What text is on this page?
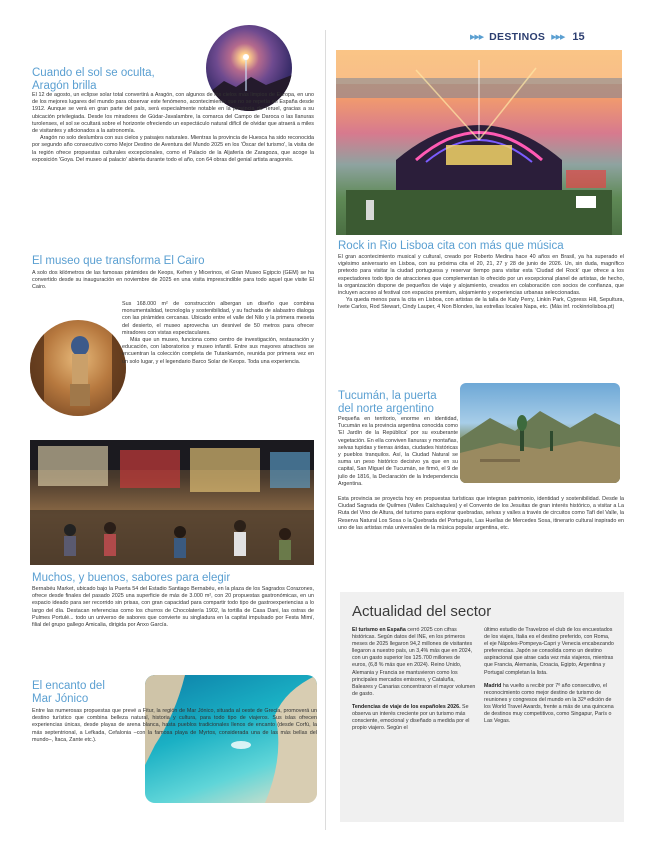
▶▶▶ DESTINOS ▶▶▶ 15
Cuando el sol se oculta,
Aragón brilla
El 12 de agosto, un eclipse solar total convertirá a Aragón, con algunos de los cielos más limpios de Europa, en uno de los mejores lugares del mundo para observar este fenómeno, acontecimiento que no se repetía en España desde 1912. Aunque se verá en gran parte del país, será especialmente notable en la provincia de Teruel, gracias a su ubicación privilegiada. Desde los miradores de Gúdar-Javalambre, la comarca del Campo de Daroca o las llanuras turolenses, el sol se ocultará sobre el horizonte ofreciendo un espectáculo natural difícil de olvidar que atraerá a miles de visitantes y aficionados a la astronomía.
Aragón no solo deslumbra con sus cielos y paisajes naturales. Mientras la provincia de Huesca ha sido reconocida por segundo año consecutivo como Mejor Destino de Aventura del Mundo 2025 en los 'Óscar del turismo', la visita de la región ofrece propuestas culturales excepcionales, como el Palacio de la Aljafería de Zaragoza, que acoge la exposición 'Goya. Del museo al palacio' abierta durante todo el año, con 64 obras del genial artista aragonés.
El museo que transforma El Cairo
A solo dos kilómetros de las famosas pirámides de Keops, Kefren y Micerinos, el Gran Museo Egipcio (GEM) se ha convertido desde su inauguración en noviembre de 2025 en una visita imprescindible para todo aquel que visite El Cairo.
Sus 168.000 m² de construcción albergan un diseño que combina monumentalidad, tecnología y sostenibilidad, y su fachada de alabastro dialoga con las pirámides cercanas. Ubicado entre el valle del Nilo y la primera meseta del desierto, el museo aprovecha un desnivel de 50 metros para ofrecer miradores con vistas espectaculares.
Más que un museo, funciona como centro de investigación, restauración y educación, con laboratorios y museo infantil. Entre sus mayores atractivos se encuentran la colección completa de Tutankamón, reunida por primera vez en un solo lugar, y el legendario Barco Solar de Keops. Toda una experiencia.
Muchos, y buenos, sabores para elegir
Bernabéu Market, ubicado bajo la Puerta 54 del Estadio Santiago Bernabéu, en la plaza de los Sagrados Corazones, ofrece desde finales del pasado 2025 una superficie de más de 3.000 m², con 20 propuestas gastronómicas, en un espacio ideado para ser recorrido sin prisas, con gran capacidad para compartir todo tipo de gastroexperiencias a lo largo del día. Destacan referencias como los churros de Chocolatería 1902, la tortilla de Casa Dani, las ostras de Pulmes Portulé... todo un universo de sabores que convierte su singladura en la capital impulsado por Festa Mimí, filial del grupo gallego Amicalia, dirigida por Anxo García.
El encanto del
Mar Jónico
Entre las numerosas propuestas que prevé a Fitur, la región de Mar Jónico, situada al oeste de Grecia, promoverá un destino turístico que combina belleza natural, historia y cultura, para todo tipo de viajeros. Sus islas ofrecen experiencias únicas, desde playas de arena blanca, hasta pueblos tradicionales llenos de encanto (desde Corfú, la más septentrional, a Lefkada, Cefalonia –con la famosa playa de Myrtos, considerada una de las más bellas del mundo–, Ítaca, Zante etc.).
Rock in Rio Lisboa cita con más que música
El gran acontecimiento musical y cultural, creado por Roberto Medina hace 40 años en Brasil, ya ha superado el vigésimo aniversario en Lisboa, con su próxima cita el 20, 21, 27 y 28 de junio de 2026. Un, sin duda, magnífico pretexto para visitar la ciudad portuguesa y reservar tiempo para visitar esta 'Ciudad del Rock' que ofrece a los espectadores todo tipo de atracciones que complementan lo ofrecido por un excepcional planel de artistas, de hecho, la organización dispone de pequeños de viaje y alojamiento, creados en colaboración con socios de confianza, que incluyen acceso al festival con espacios premium, alojamiento y experiencias urbanas seleccionadas.
Ya queda menos para la cita en Lisboa, con artistas de la talla de Katy Perry, Linkin Park, Cypress Hill, Sepultura, Ivete Carlos, Rod Stewart, Cindy Lauper, 4 Non Blondes, las estrellas locales Napa, etc. (Más inf. rockinriolisboa.pt)
Tucumán, la puerta
del norte argentino
Pequeña en territorio, enorme en identidad, Tucumán es la provincia argentina conocida como 'El Jardín de la República' por su exuberante vegetación. En ella conviven llanuras y montañas, selvas tupidas y tierras áridas, ciudades históricas y pueblos tranquilos. Así, la Ciudad Natural se suma un peso histórico decisivo ya que en su capital, San Miguel de Tucumán, se firmó, el 9 de julio de 1816, la Declaración de la Independencia Argentina.
Esta provincia se proyecta hoy en propuestas turísticas que integran patrimonio, identidad y sostenibilidad. Desde la Ciudad Sagrada de Quilmes (Valles Calchaquíes) y el Convento de los Jesuitas de gran interés histórico, a visitar a La Ruta del Vino de Altura, del turismo para explorar quebradas, selvas y valles a través de circuitos como Tafí del Valle, la Reserva Natural Los Sosa o la Quebrada del Portugués, Las Huellas de Mercedes Sosa, itinerario cultural inspirado en uno de las artistas más universales de la música popular argentina, etc.
Actualidad del sector
El turismo en España cerró 2025 con cifras históricas. Según datos del INE, en los primeros meses de 2025 llegaron 94,2 millones de visitantes llegaron a nuestro país, un 3,4% más que en 2024, con un gasto superior los 125.700 millones de euros, (6,8 % más que en 2024). Reino Unido, Alemania y Francia se mantuvieron como los principales mercados emisores, y Cataluña, Baleares y Canarias concentraron el mayor volumen de gasto.
Tendencias de viaje de los españoles 2026. Se observa un interés creciente por un turismo más consciente, emocional y diseñado a medida por el propio viajero. Según el
último estudio de Travelzoo el club de los encuestados de los viajes, Italia es el destino preferido, con Roma, el eje Nápoles-Pompeya-Capri y Venecia encabezando preferencias. Japón se consolida como un destino aspiracional que atrae cada vez más viajeros, mientras que Francia, Alemania, Croacia, Egipto, Argentina y Portugal completan la lista.
Madrid ha vuelto a recibir por 7º año consecutivo, el reconocimiento como mejor destino de turismo de reuniones y congresos del mundo en la 32ª edición de los World Travel Awards, frente a más de una quincena de destinos muy competitivos, como Singapur, París o Las Vegas.
